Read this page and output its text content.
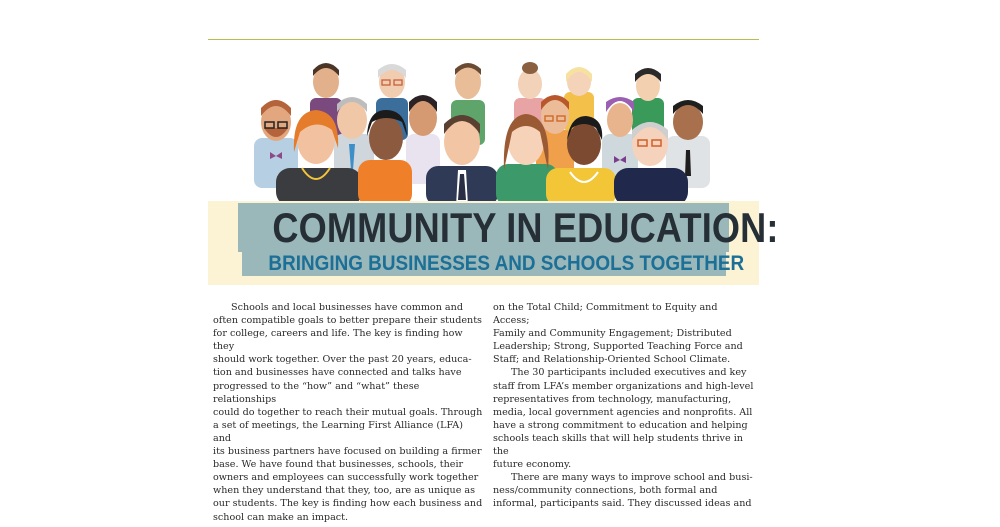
COMMUNITY IN EDUCATION:
BRINGING BUSINESSES AND SCHOOLS TOGETHER

Schools and local businesses have common and
often compatible goals to better prepare their students
for college, careers and life. The key is finding how they
should work together. Over the past 20 years, educa-
tion and businesses have connected and talks have
progressed to the “how” and “what” these relationships
could do together to reach their mutual goals. Through
a set of meetings, the Learning First Alliance (LFA) and
its business partners have focused on building a firmer
base. We have found that businesses, schools, their
owners and employees can successfully work together
when they understand that they, too, are as unique as
our students. The key is finding how each business and
school can make an impact.

on the Total Child; Commitment to Equity and Access;
Family and Community Engagement; Distributed
Leadership; Strong, Supported Teaching Force and
Staff; and Relationship-Oriented School Climate.

The 30 participants included executives and key
staff from LFA’s member organizations and high-level
representatives from technology, manufacturing,
media, local government agencies and nonprofits. All
have a strong commitment to education and helping
schools teach skills that will help students thrive in the
future economy.

There are many ways to improve school and busi-
ness/community connections, both formal and
informal, participants said. They discussed ideas and
